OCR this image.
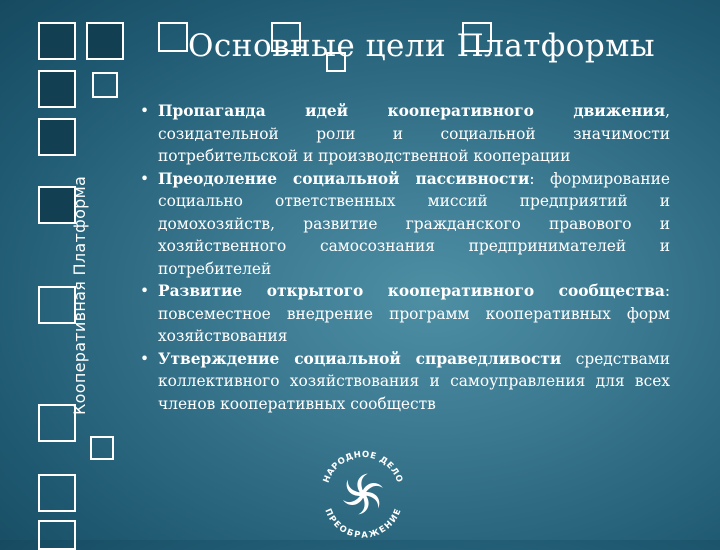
Кооперативная Платформа
Основные цели Платформы
• Пропаганда идей кооперативного движения, созидательной роли и социальной значимости потребительской и производственной кооперации
• Преодоление социальной пассивности: формирование социально ответственных миссий предприятий и домохозяйств, развитие гражданского правового и хозяйственного самосознания предпринимателей и потребителей
• Развитие открытого кооперативного сообщества: повсеместное внедрение программ кооперативных форм хозяйствования
• Утверждение социальной справедливости средствами коллективного хозяйствования и самоуправления для всех членов кооперативных сообществ
НАРОДНОЕ ДЕЛО
ПРЕОБРАЖЕНИЕ
